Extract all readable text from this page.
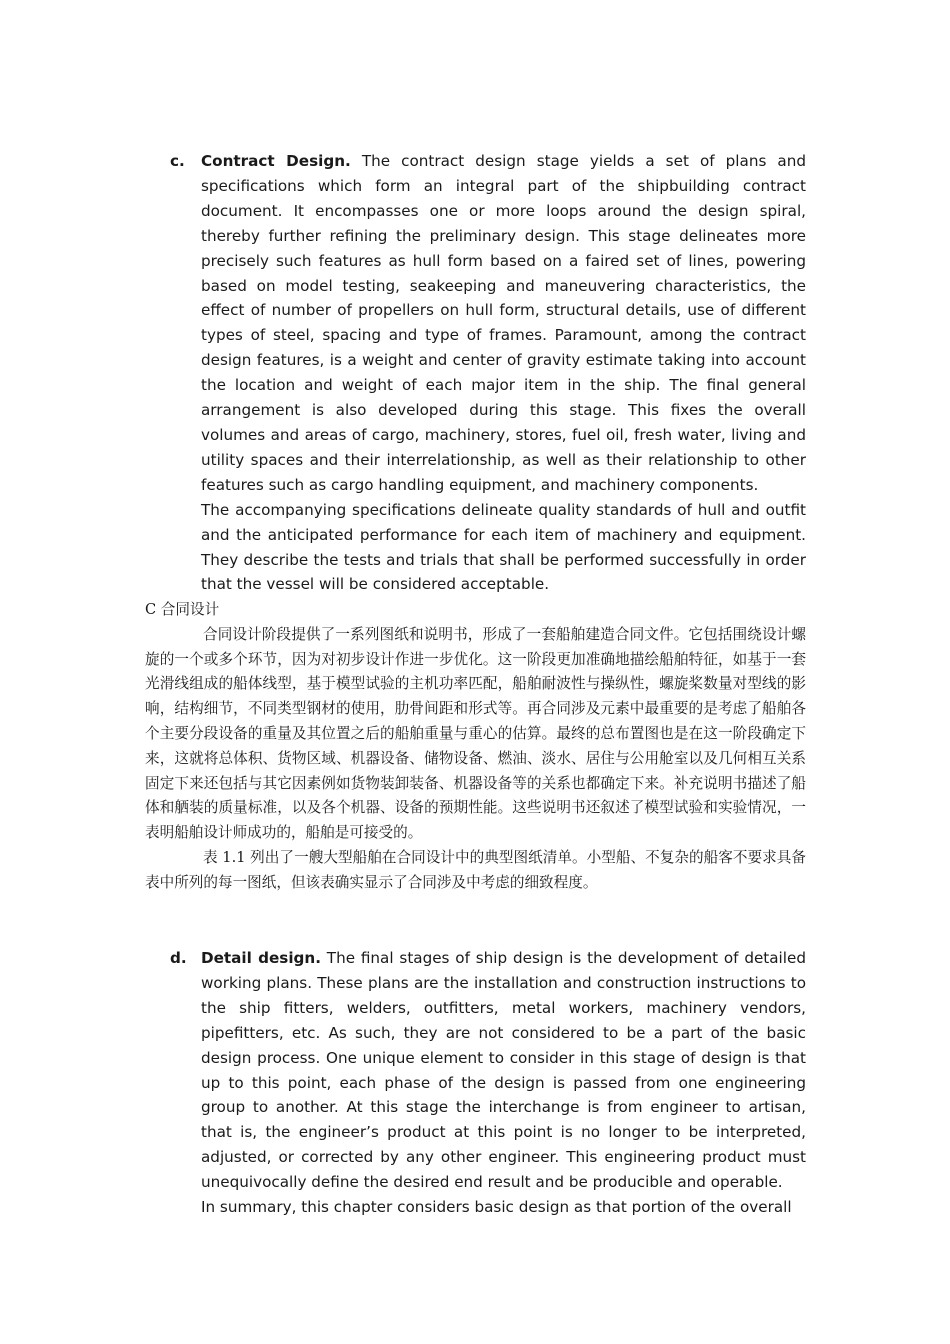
c. Contract Design. The contract design stage yields a set of plans and specifications which form an integral part of the shipbuilding contract document. It encompasses one or more loops around the design spiral, thereby further refining the preliminary design. This stage delineates more precisely such features as hull form based on a faired set of lines, powering based on model testing, seakeeping and maneuvering characteristics, the effect of number of propellers on hull form, structural details, use of different types of steel, spacing and type of frames. Paramount, among the contract design features, is a weight and center of gravity estimate taking into account the location and weight of each major item in the ship. The final general arrangement is also developed during this stage. This fixes the overall volumes and areas of cargo, machinery, stores, fuel oil, fresh water, living and utility spaces and their interrelationship, as well as their relationship to other features such as cargo handling equipment, and machinery components.

The accompanying specifications delineate quality standards of hull and outfit and the anticipated performance for each item of machinery and equipment. They describe the tests and trials that shall be performed successfully in order that the vessel will be considered acceptable.

C 合同设计

合同设计阶段提供了一系列图纸和说明书，形成了一套船舶建造合同文件。它包括围绕设计螺旋的一个或多个环节，因为对初步设计作进一步优化。这一阶段更加准确地描绘船舶特征，如基于一套光滑线组成的船体线型，基于模型试验的主机功率匹配，船舶耐波性与操纵性，螺旋桨数量对型线的影响，结构细节，不同类型钢材的使用，肋骨间距和形式等。再合同涉及元素中最重要的是考虑了船舶各个主要分段设备的重量及其位置之后的船舶重量与重心的估算。最终的总布置图也是在这一阶段确定下来，这就将总体积、货物区域、机器设备、储物设备、燃油、淡水、居住与公用舱室以及几何相互关系固定下来还包括与其它因素例如货物装卸装备、机器设备等的关系也都确定下来。补充说明书描述了船体和舾装的质量标准，以及各个机器、设备的预期性能。这些说明书还叙述了模型试验和实验情况，一表明船舶设计师成功的，船舶是可接受的。

表 1.1 列出了一艘大型船舶在合同设计中的典型图纸清单。小型船、不复杂的船客不要求具备表中所列的每一图纸，但该表确实显示了合同涉及中考虑的细致程度。

d. Detail design. The final stages of ship design is the development of detailed working plans. These plans are the installation and construction instructions to the ship fitters, welders, outfitters, metal workers, machinery vendors, pipefitters, etc. As such, they are not considered to be a part of the basic design process. One unique element to consider in this stage of design is that up to this point, each phase of the design is passed from one engineering group to another. At this stage the interchange is from engineer to artisan, that is, the engineer’s product at this point is no longer to be interpreted, adjusted, or corrected by any other engineer. This engineering product must unequivocally define the desired end result and be producible and operable.

In summary, this chapter considers basic design as that portion of the overall
